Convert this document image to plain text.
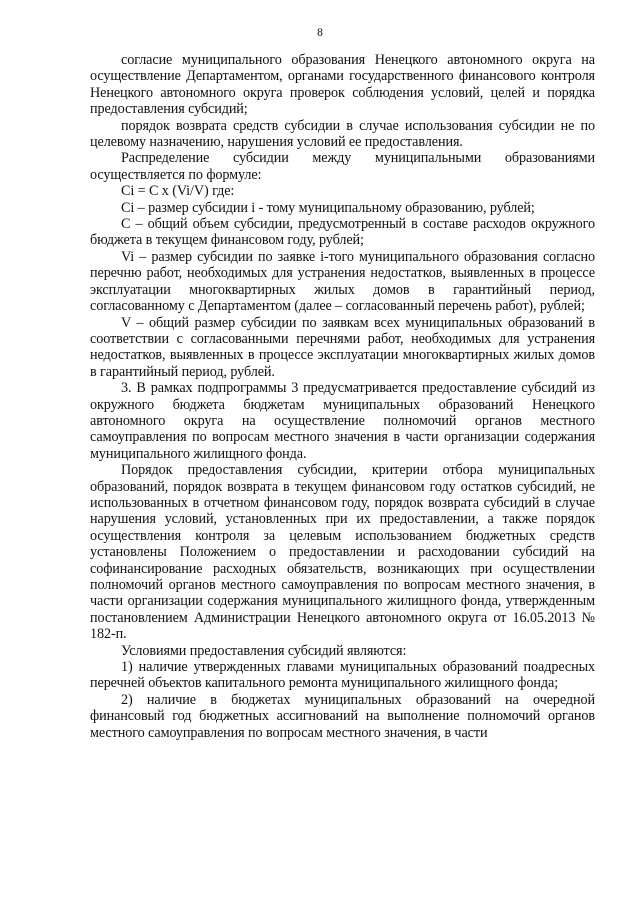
8

согласие муниципального образования Ненецкого автономного округа на осуществление Департаментом, органами государственного финансового контроля Ненецкого автономного округа проверок соблюдения условий, целей и порядка предоставления субсидий;

порядок возврата средств субсидии в случае использования субсидии не по целевому назначению, нарушения условий ее предоставления.

Распределение субсидии между муниципальными образованиями осуществляется по формуле:

Ci = С x (Vi/V) где:

Ci – размер субсидии i - тому муниципальному образованию, рублей;

С – общий объем субсидии, предусмотренный в составе расходов окружного бюджета в текущем финансовом году, рублей;

Vi – размер субсидии по заявке i-того муниципального образования согласно перечню работ, необходимых для устранения недостатков, выявленных в процессе эксплуатации многоквартирных жилых домов в гарантийный период, согласованному с Департаментом (далее – согласованный перечень работ), рублей;

V – общий размер субсидии по заявкам всех муниципальных образований в соответствии с согласованными перечнями работ, необходимых для устранения недостатков, выявленных в процессе эксплуатации многоквартирных жилых домов в гарантийный период, рублей.

3. В рамках подпрограммы 3 предусматривается предоставление субсидий из окружного бюджета бюджетам муниципальных образований Ненецкого автономного округа на осуществление полномочий органов местного самоуправления по вопросам местного значения в части организации содержания муниципального жилищного фонда.

Порядок предоставления субсидии, критерии отбора муниципальных образований, порядок возврата в текущем финансовом году остатков субсидий, не использованных в отчетном финансовом году, порядок возврата субсидий в случае нарушения условий, установленных при их предоставлении, а также порядок осуществления контроля за целевым использованием бюджетных средств установлены Положением о предоставлении и расходовании субсидий на софинансирование расходных обязательств, возникающих при осуществлении полномочий органов местного самоуправления по вопросам местного значения, в части организации содержания муниципального жилищного фонда, утвержденным постановлением Администрации Ненецкого автономного округа от 16.05.2013 № 182-п.

Условиями предоставления субсидий являются:

1) наличие утвержденных главами муниципальных образований поадресных перечней объектов капитального ремонта муниципального жилищного фонда;

2) наличие в бюджетах муниципальных образований на очередной финансовый год бюджетных ассигнований на выполнение полномочий органов местного самоуправления по вопросам местного значения, в части
